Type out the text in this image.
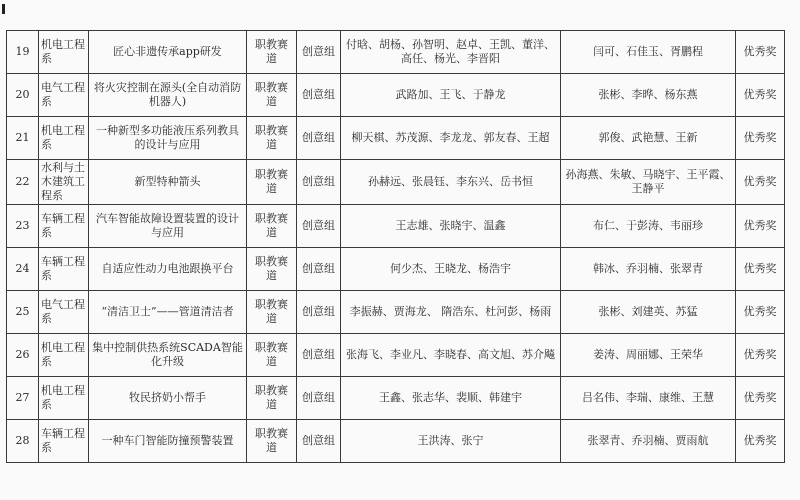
19	机电工程系	匠心非遗传承app研发	职教赛道	创意组	付晗、胡杨、孙智明、赵卓、王凯、董洋、高任、杨光、李晋阳	闫可、石佳玉、胥鹏程	优秀奖
20	电气工程系	将火灾控制在源头(全自动消防机器人)	职教赛道	创意组	武路加、王飞、于静龙	张彬、李晔、杨东燕	优秀奖
21	机电工程系	一种新型多功能液压系列教具的设计与应用	职教赛道	创意组	柳天棋、苏茂源、李龙龙、郭友春、王超	郭俊、武艳慧、王新	优秀奖
22	水利与土木建筑工程系	新型特种箭头	职教赛道	创意组	孙赫远、张晨钰、李东兴、岳书恒	孙海燕、朱敏、马晓宇、王平霞、王静平	优秀奖
23	车辆工程系	汽车智能故障设置装置的设计与应用	职教赛道	创意组	王志雄、张晓宇、温鑫	布仁、于彭涛、韦丽珍	优秀奖
24	车辆工程系	自适应性动力电池跟换平台	职教赛道	创意组	何少杰、王晓龙、杨浩宇	韩冰、乔羽楠、张翠青	优秀奖
25	电气工程系	“清洁卫士”——管道清洁者	职教赛道	创意组	李振赫、贾海龙、 隋浩东、杜河彭、杨雨	张彬、刘建英、苏猛	优秀奖
26	机电工程系	集中控制供热系统SCADA智能化升级	职教赛道	创意组	张海飞、李业凡、李晓春、高文旭、苏介飚	姜涛、周丽娜、王荣华	优秀奖
27	机电工程系	牧民挤奶小帮手	职教赛道	创意组	王鑫、张志华、裴顺、韩建宇	吕名伟、李瑞、康维、王慧	优秀奖
28	车辆工程系	一种车门智能防撞预警装置	职教赛道	创意组	王洪涛、张宁	张翠青、乔羽楠、贾雨航	优秀奖
